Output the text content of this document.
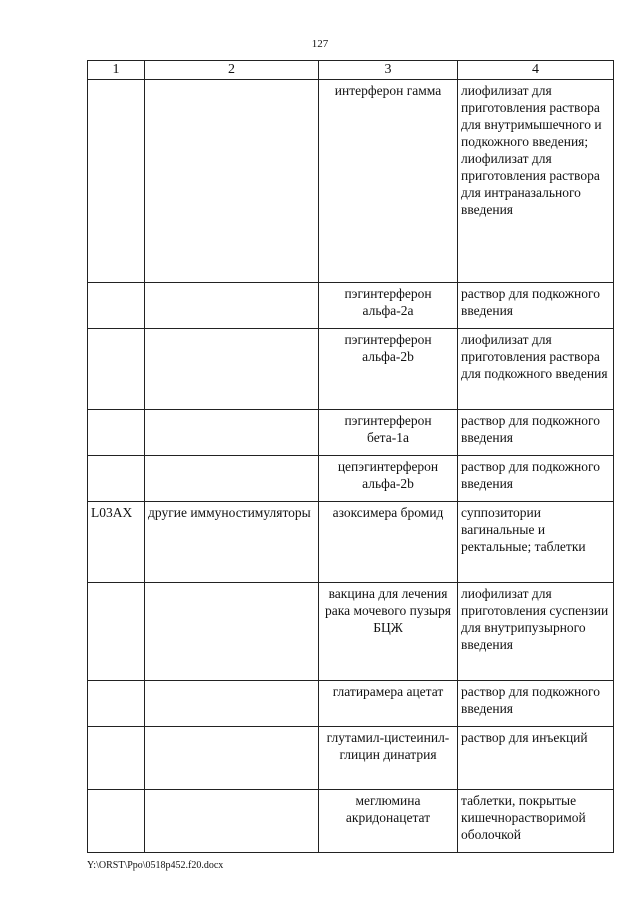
127
1	2	3	4
		интерферон гамма	лиофилизат для приготовления раствора для внутримышечного и подкожного введения; лиофилизат для приготовления раствора для интраназального введения
		пэгинтерферон альфа-2а	раствор для подкожного введения
		пэгинтерферон альфа-2b	лиофилизат для приготовления раствора для подкожного введения
		пэгинтерферон бета-1а	раствор для подкожного введения
		цепэгинтерферон альфа-2b	раствор для подкожного введения
L03AX	другие иммуностимуляторы	азоксимера бромид	суппозитории вагинальные и ректальные; таблетки
		вакцина для лечения рака мочевого пузыря БЦЖ	лиофилизат для приготовления суспензии для внутрипузырного введения
		глатирамера ацетат	раствор для подкожного введения
		глутамил-цистеинил-глицин динатрия	раствор для инъекций
		меглюмина акридонацетат	таблетки, покрытые кишечнорастворимой оболочкой
Y:\ORST\Ppo\0518p452.f20.docx
